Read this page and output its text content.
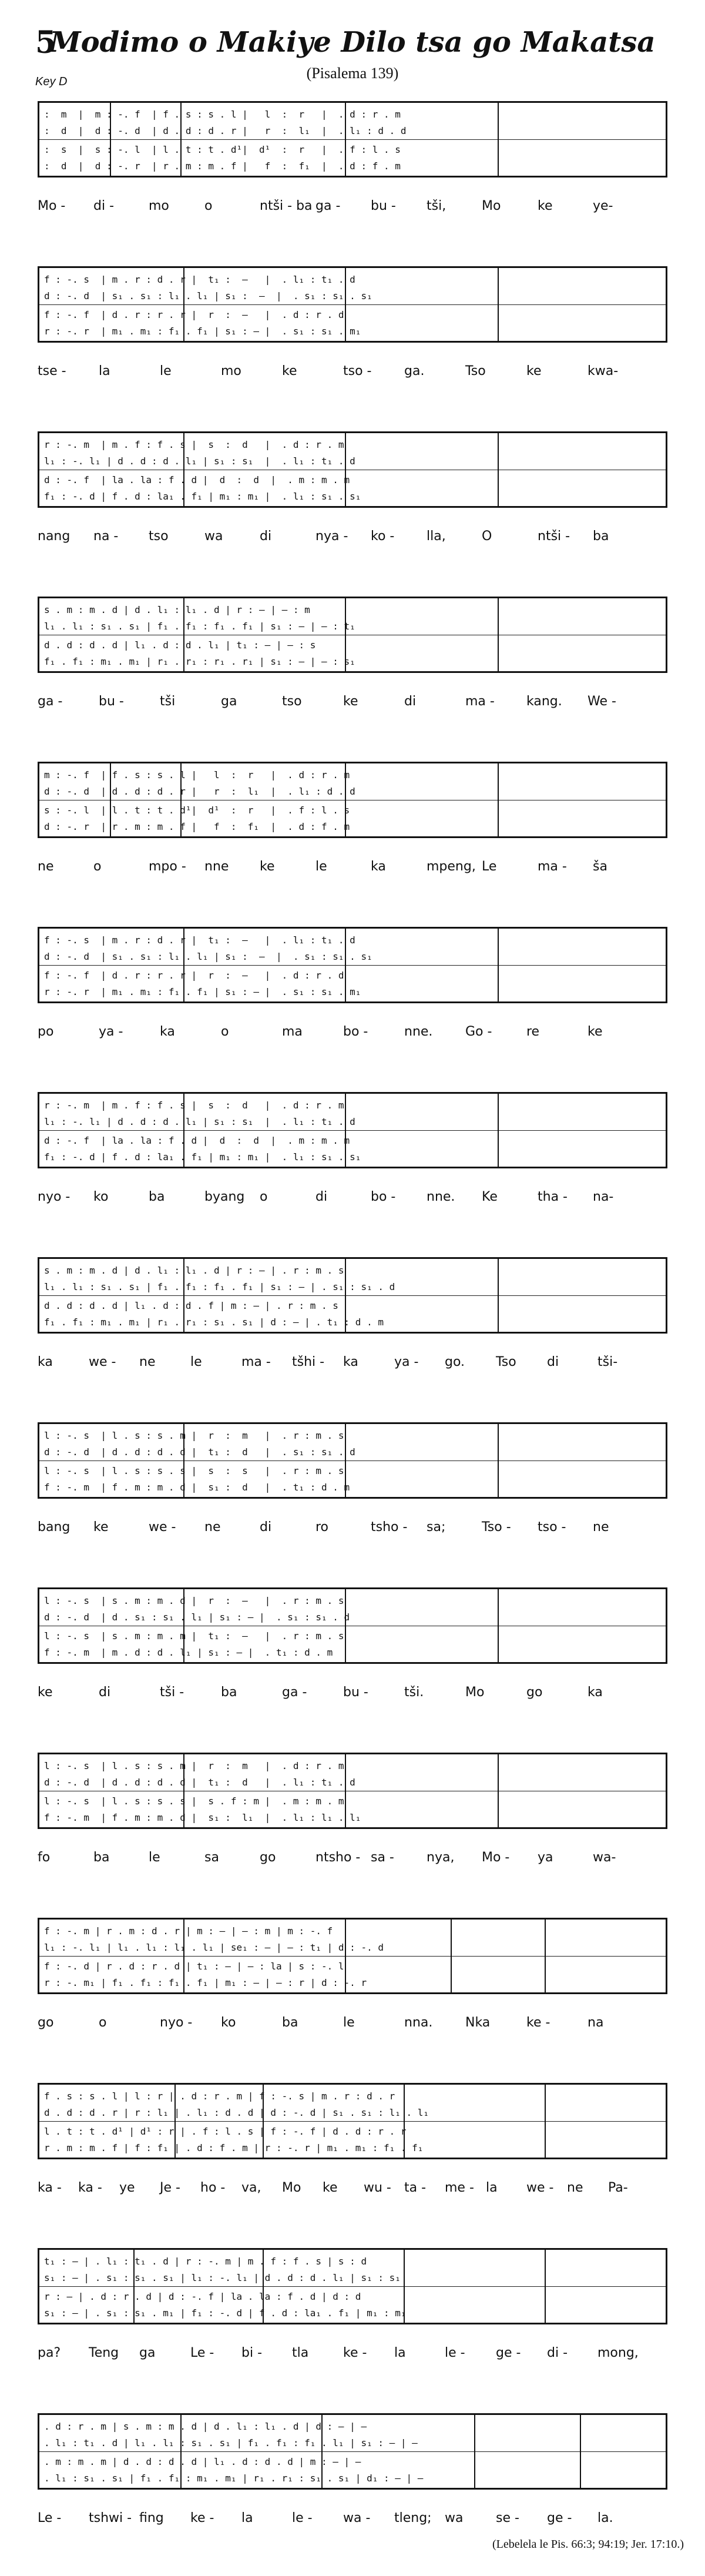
5
Modimo o Makiye Dilo tsa go Makatsa
(Pisalema 139)
Key D
:  m  |  m : -. f  | f . s : s . l |   l  :  r   |  . d : r . m
:  d  |  d : -. d  | d . d : d . r |   r  :  l₁  |  . l₁ : d . d
:  s  |  s : -. l  | l . t : t . d¹|  d¹  :  r   |  . f : l . s
:  d  |  d : -. r  | r . m : m . f |   f  :  f₁  |  . d : f . m
Mo - di -	mo	o	ntši - ba ga - bu - tši,	Mo	ke	ye-
f : -. s  | m . r : d . r |  t₁ :  —   |  . l₁ : t₁ . d
d : -. d  | s₁ . s₁ : l₁ . l₁ | s₁ :  —  |  . s₁ : s₁ . s₁
f : -. f  | d . r : r . r |  r  :  —   |  . d : r . d
r : -. r  | m₁ . m₁ : f₁ . f₁ | s₁ : — |  . s₁ : s₁ . m₁
tse -	la	le	mo	ke	tso -	ga.	Tso	ke	kwa-
r : -. m  | m . f : f . s |  s  :  d   |  . d : r . m
l₁ : -. l₁ | d . d : d . l₁ | s₁ : s₁  |  . l₁ : t₁ . d
d : -. f  | la . la : f . d |  d  :  d  |  . m : m . m
f₁ : -. d | f . d : la₁ . f₁ | m₁ : m₁ |  . l₁ : s₁ . s₁
nang na - tso	wa	di	nya - ko - lla,	O	ntši - ba
s . m : m . d | d . l₁ : l₁ . d | r : — | — : m
l₁ . l₁ : s₁ . s₁ | f₁ . f₁ : f₁ . f₁ | s₁ : — | — : t₁
d . d : d . d | l₁ . d : d . l₁ | t₁ : — | — : s
f₁ . f₁ : m₁ . m₁ | r₁ . r₁ : r₁ . r₁ | s₁ : — | — : s₁
ga -	bu -	tši	ga	tso	ke	di	ma - kang. We -
m : -. f  | f . s : s . l |   l  :  r   |  . d : r . m
d : -. d  | d . d : d . r |   r  :  l₁  |  . l₁ : d . d
s : -. l  | l . t : t . d¹|  d¹  :  r   |  . f : l . s
d : -. r  | r . m : m . f |   f  :  f₁  |  . d : f . m
ne	o	mpo - nne ke	le	ka	mpeng, Le	ma - ša
f : -. s  | m . r : d . r |  t₁ :  —   |  . l₁ : t₁ . d
d : -. d  | s₁ . s₁ : l₁ . l₁ | s₁ :  —  |  . s₁ : s₁ . s₁
f : -. f  | d . r : r . r |  r  :  —   |  . d : r . d
r : -. r  | m₁ . m₁ : f₁ . f₁ | s₁ : — |  . s₁ : s₁ . m₁
po	ya -	ka	o	ma	bo -	nne.	Go -	re	ke
r : -. m  | m . f : f . s |  s  :  d   |  . d : r . m
l₁ : -. l₁ | d . d : d . l₁ | s₁ : s₁  |  . l₁ : t₁ . d
d : -. f  | la . la : f . d |  d  :  d  |  . m : m . m
f₁ : -. d | f . d : la₁ . f₁ | m₁ : m₁ |  . l₁ : s₁ . s₁
nyo - ko	ba	byang o	di	bo - nne. Ke	tha - na-
s . m : m . d | d . l₁ : l₁ . d | r : — | . r : m . s
l₁ . l₁ : s₁ . s₁ | f₁ . f₁ : f₁ . f₁ | s₁ : — | . s₁ : s₁ . d
d . d : d . d | l₁ . d : d . f | m : — | . r : m . s
f₁ . f₁ : m₁ . m₁ | r₁ . r₁ : s₁ . s₁ | d : — | . t₁ : d . m
ka	we - ne	le	ma - tšhi - ka	ya - go. Tso di	tši-
l : -. s  | l . s : s . m |  r  :  m   |  . r : m . s
d : -. d  | d . d : d . d |  t₁ :  d   |  . s₁ : s₁ . d
l : -. s  | l . s : s . s |  s  :  s   |  . r : m . s
f : -. m  | f . m : m . d |  s₁ :  d   |  . t₁ : d . m
bang ke	we - ne	di	ro	tsho - sa;	Tso - tso - ne
l : -. s  | s . m : m . d |  r  :  —   |  . r : m . s
d : -. d  | d . s₁ : s₁ . l₁ | s₁ : — |  . s₁ : s₁ . d
l : -. s  | s . m : m . m |  t₁ :  —   |  . r : m . s
f : -. m  | m . d : d . l₁ | s₁ : — |  . t₁ : d . m
ke	di	tši -	ba	ga -	bu -	tši.	Mo	go	ka
l : -. s  | l . s : s . m |  r  :  m   |  . d : r . m
d : -. d  | d . d : d . d |  t₁ :  d   |  . l₁ : t₁ . d
l : -. s  | l . s : s . s |  s . f : m |  . m : m . m
f : -. m  | f . m : m . d |  s₁ :  l₁  |  . l₁ : l₁ . l₁
fo	ba	le	sa	go	ntsho - sa -	nya, Mo - ya	wa-
f : -. m | r . m : d . r | m : — | — : m | m : -. f
l₁ : -. l₁ | l₁ . l₁ : l₁ . l₁ | se₁ : — | — : t₁ | d : -. d
f : -. d | r . d : r . d | t₁ : — | — : la | s : -. l
r : -. m₁ | f₁ . f₁ : f₁ . f₁ | m₁ : — | — : r | d : -. r
go	o	nyo - ko	ba	le	nna.	Nka	ke -	na
f . s : s . l | l : r | . d : r . m | f : -. s | m . r : d . r
d . d : d . r | r : l₁ | . l₁ : d . d | d : -. d | s₁ . s₁ : l₁ . l₁
l . t : t . d¹ | d¹ : r | . f : l . s | f : -. f | d . d : r . r
r . m : m . f | f : f₁ | . d : f . m | r : -. r | m₁ . m₁ : f₁ . f₁
ka - ka - ye Je - ho - va, Mo ke wu - ta - me - la we - ne Pa-
t₁ : — | . l₁ : t₁ . d | r : -. m | m . f : f . s | s : d
s₁ : — | . s₁ : s₁ . s₁ | l₁ : -. l₁ | d . d : d . l₁ | s₁ : s₁
r : — | . d : r . d | d : -. f | la . la : f . d | d : d
s₁ : — | . s₁ : s₁ . m₁ | f₁ : -. d | f . d : la₁ . f₁ | m₁ : m₁
pa? Teng ga	Le - bi - tla	ke - la	le - ge - di - mong,
. d : r . m | s . m : m . d | d . l₁ : l₁ . d | d : — | —
. l₁ : t₁ . d | l₁ . l₁ : s₁ . s₁ | f₁ . f₁ : f₁ . l₁ | s₁ : — | —
. m : m . m | d . d : d . d | l₁ . d : d . d | m : — | —
. l₁ : s₁ . s₁ | f₁ . f₁ : m₁ . m₁ | r₁ . r₁ : s₁ . s₁ | d₁ : — | —
Le - tshwi - fing ke - la	le - wa - tleng; wa	se - ge - la.
(Lebelela le Pis. 66:3; 94:19; Jer. 17:10.)
